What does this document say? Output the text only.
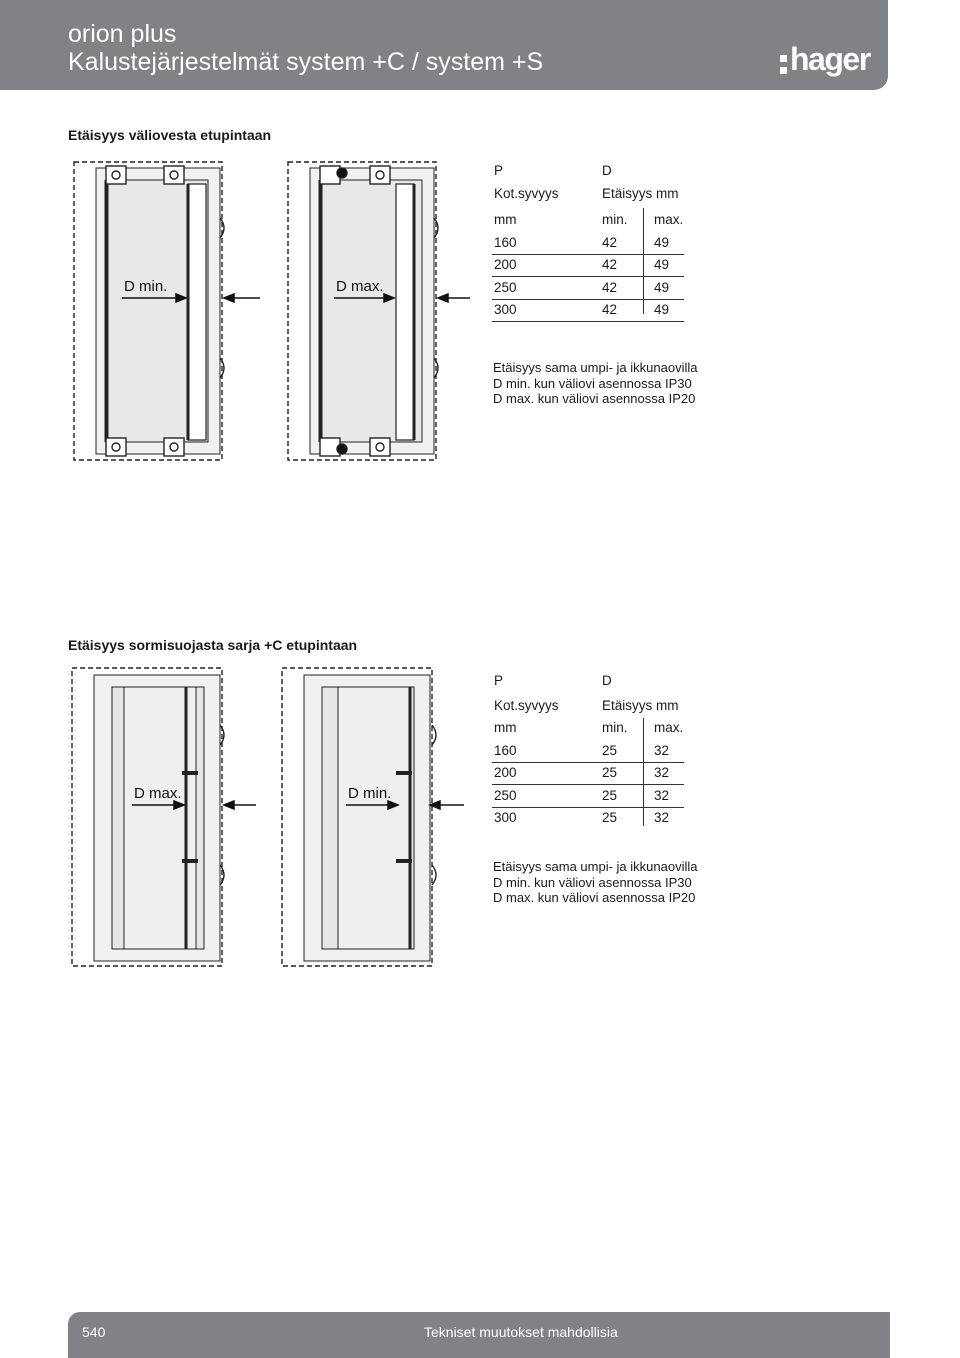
orion plus
Kalustejärjestelmät system +C / system +S	hager
Etäisyys väliovesta etupintaan
D min.	D max.
P	D
Kot.syvyys	Etäisyys mm
mm	min. max.
160	42	49
200	42	49
250	42	49
300	42	49
Etäisyys sama umpi- ja ikkunaovilla
D min. kun väliovi asennossa IP30
D max. kun väliovi asennossa IP20
Etäisyys sormisuojasta sarja +C etupintaan
D max.	D min.
P	D
Kot.syvyys	Etäisyys mm
mm	min. max.
160	25	32
200	25	32
250	25	32
300	25	32
Etäisyys sama umpi- ja ikkunaovilla
D min. kun väliovi asennossa IP30
D max. kun väliovi asennossa IP20
540	Tekniset muutokset mahdollisia
